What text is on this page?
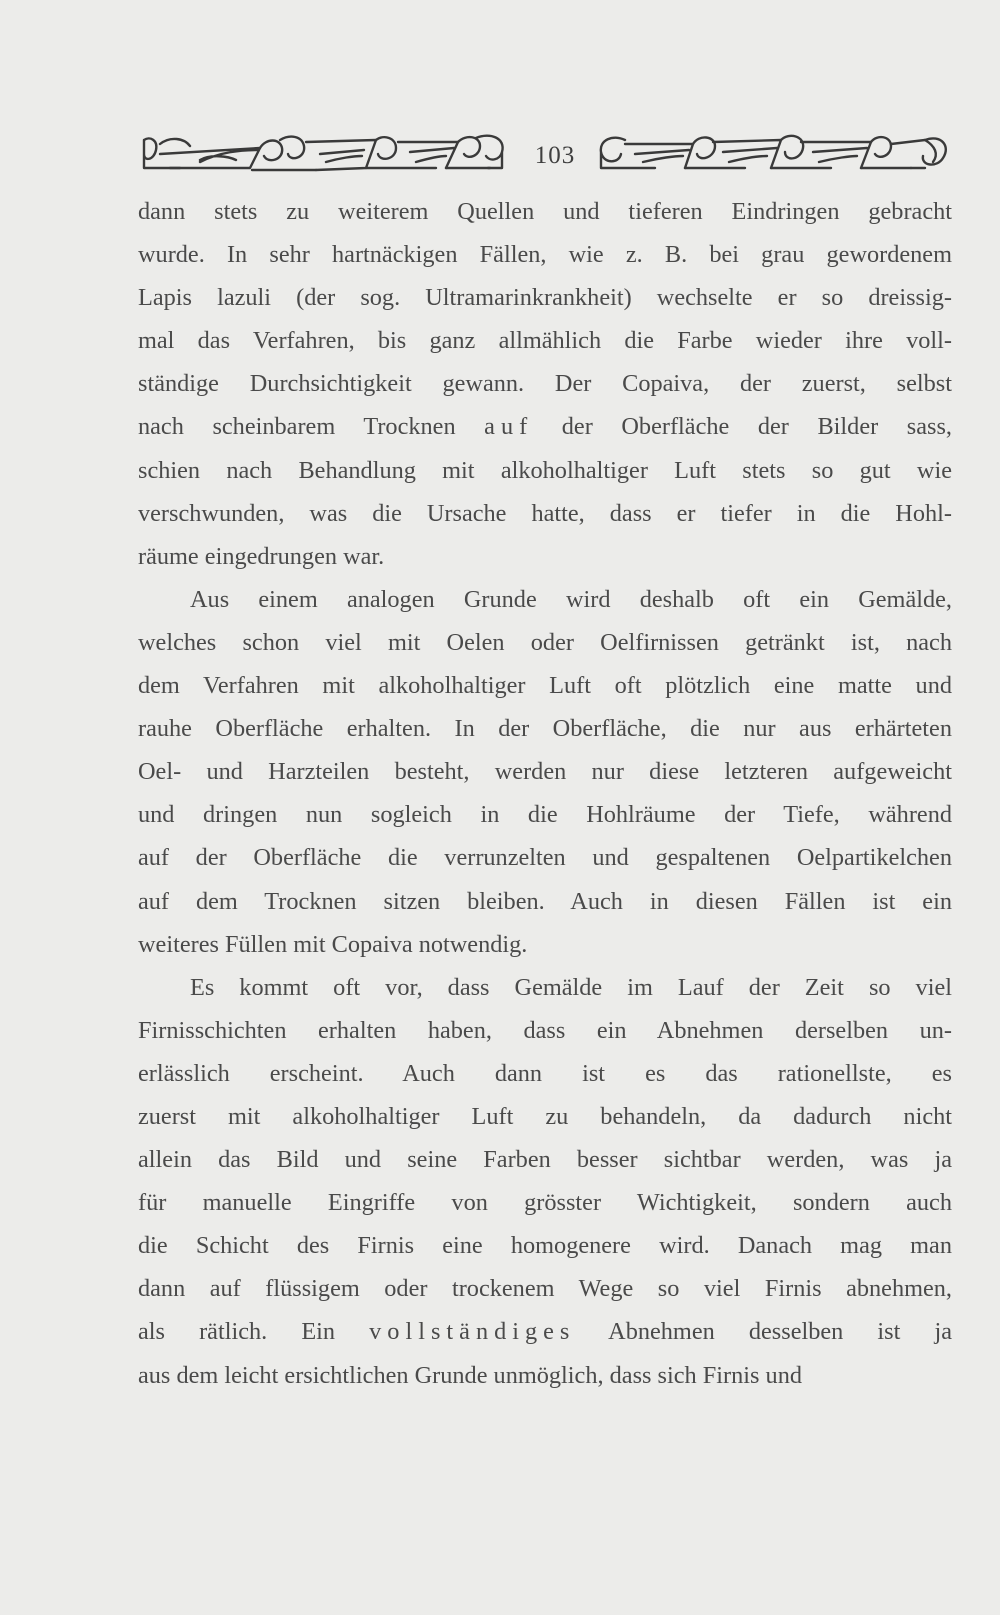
103
dann stets zu weiterem Quellen und tieferen Eindringen gebracht
wurde. In sehr hartnäckigen Fällen, wie z. B. bei grau gewordenem
Lapis lazuli (der sog. Ultramarinkrankheit) wechselte er so dreissig-
mal das Verfahren, bis ganz allmählich die Farbe wieder ihre voll-
ständige Durchsichtigkeit gewann. Der Copaiva, der zuerst, selbst
nach scheinbarem Trocknen auf der Oberfläche der Bilder sass,
schien nach Behandlung mit alkoholhaltiger Luft stets so gut wie
verschwunden, was die Ursache hatte, dass er tiefer in die Hohl-
räume eingedrungen war.
Aus einem analogen Grunde wird deshalb oft ein Gemälde,
welches schon viel mit Oelen oder Oelfirnissen getränkt ist, nach
dem Verfahren mit alkoholhaltiger Luft oft plötzlich eine matte und
rauhe Oberfläche erhalten. In der Oberfläche, die nur aus erhärteten
Oel- und Harzteilen besteht, werden nur diese letzteren aufgeweicht
und dringen nun sogleich in die Hohlräume der Tiefe, während
auf der Oberfläche die verrunzelten und gespaltenen Oelpartikelchen
auf dem Trocknen sitzen bleiben. Auch in diesen Fällen ist ein
weiteres Füllen mit Copaiva notwendig.
Es kommt oft vor, dass Gemälde im Lauf der Zeit so viel
Firnisschichten erhalten haben, dass ein Abnehmen derselben un-
erlässlich erscheint. Auch dann ist es das rationellste, es
zuerst mit alkoholhaltiger Luft zu behandeln, da dadurch nicht
allein das Bild und seine Farben besser sichtbar werden, was ja
für manuelle Eingriffe von grösster Wichtigkeit, sondern auch
die Schicht des Firnis eine homogenere wird. Danach mag man
dann auf flüssigem oder trockenem Wege so viel Firnis abnehmen,
als rätlich. Ein vollständiges Abnehmen desselben ist ja
aus dem leicht ersichtlichen Grunde unmöglich, dass sich Firnis und
